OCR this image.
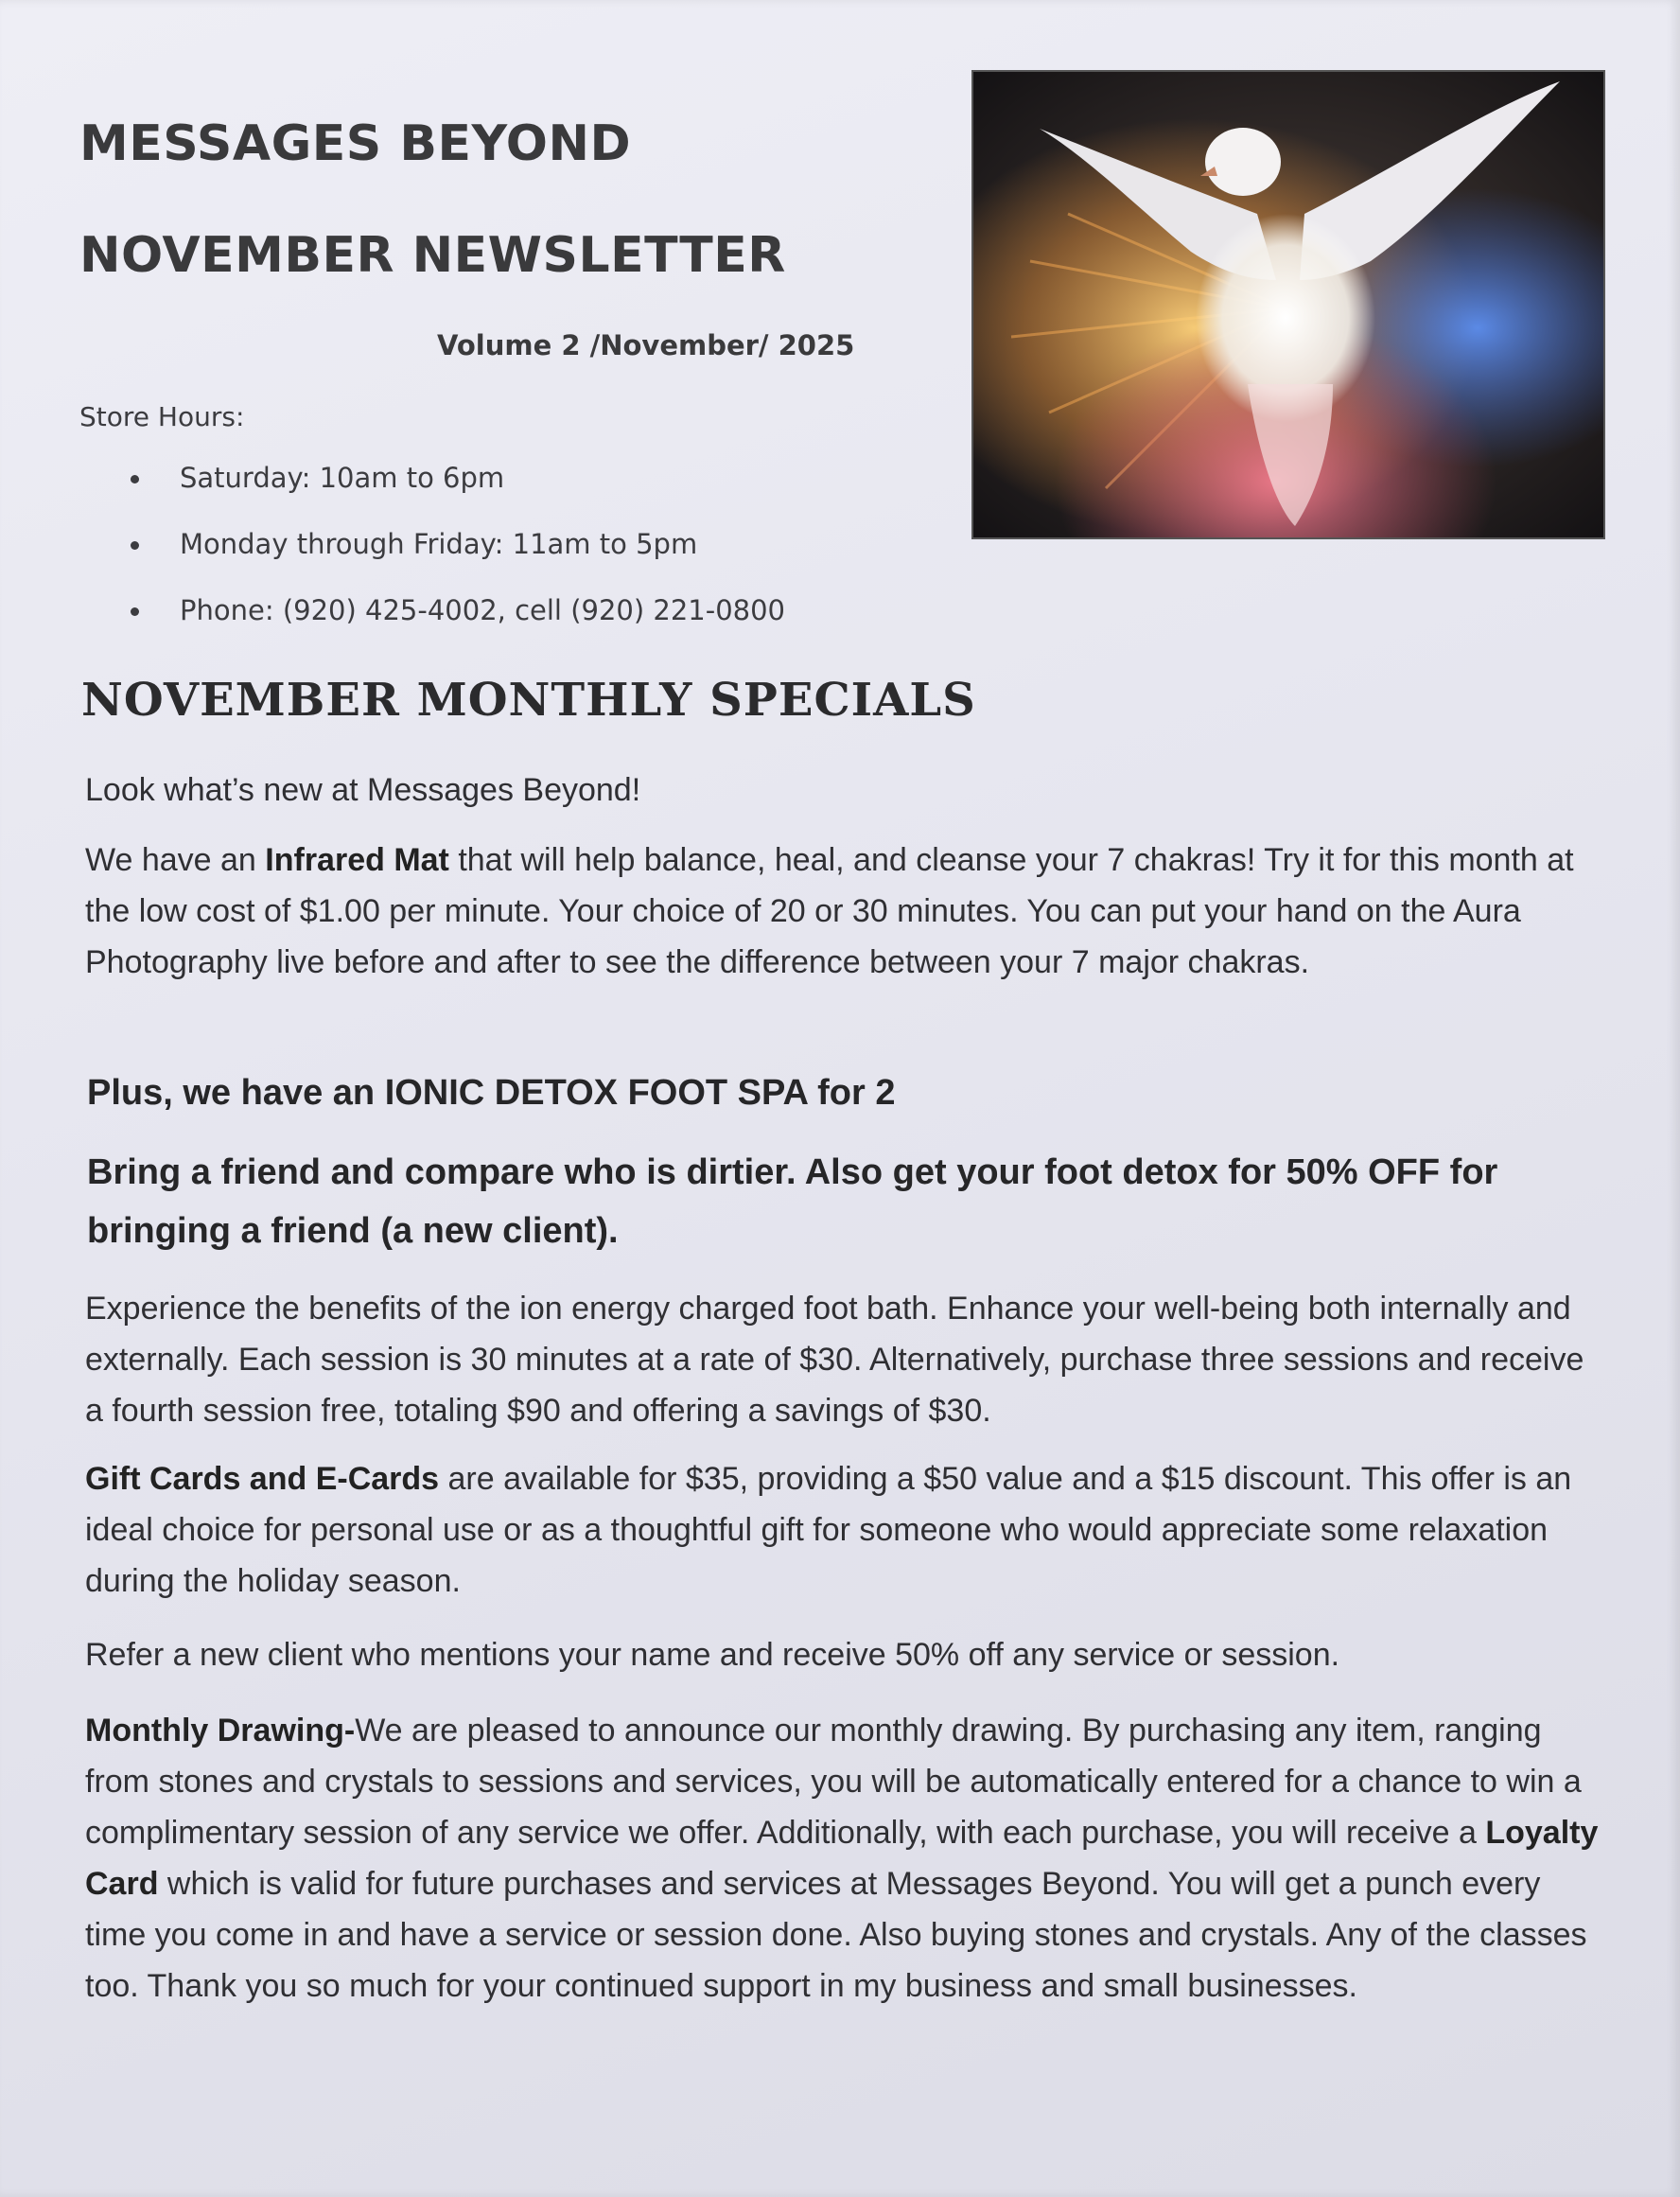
MESSAGES BEYOND
NOVEMBER NEWSLETTER
Volume 2 /November/ 2025
Store Hours:
Saturday: 10am to 6pm
Monday through Friday: 11am to 5pm
Phone: (920) 425-4002, cell (920) 221-0800
NOVEMBER MONTHLY SPECIALS

Look what’s new at Messages Beyond!

We have an Infrared Mat that will help balance, heal, and cleanse your 7 chakras! Try it for this month at the low cost of $1.00 per minute. Your choice of 20 or 30 minutes. You can put your hand on the Aura Photography live before and after to see the difference between your 7 major chakras.

Plus, we have an IONIC DETOX FOOT SPA for 2

Bring a friend and compare who is dirtier. Also get your foot detox for 50% OFF for bringing a friend (a new client).

Experience the benefits of the ion energy charged foot bath. Enhance your well-being both internally and externally. Each session is 30 minutes at a rate of $30. Alternatively, purchase three sessions and receive a fourth session free, totaling $90 and offering a savings of $30.

Gift Cards and E-Cards are available for $35, providing a $50 value and a $15 discount. This offer is an ideal choice for personal use or as a thoughtful gift for someone who would appreciate some relaxation during the holiday season.

Refer a new client who mentions your name and receive 50% off any service or session.

Monthly Drawing-We are pleased to announce our monthly drawing. By purchasing any item, ranging from stones and crystals to sessions and services, you will be automatically entered for a chance to win a complimentary session of any service we offer. Additionally, with each purchase, you will receive a Loyalty Card which is valid for future purchases and services at Messages Beyond. You will get a punch every time you come in and have a service or session done. Also buying stones and crystals. Any of the classes too. Thank you so much for your continued support in my business and small businesses.
